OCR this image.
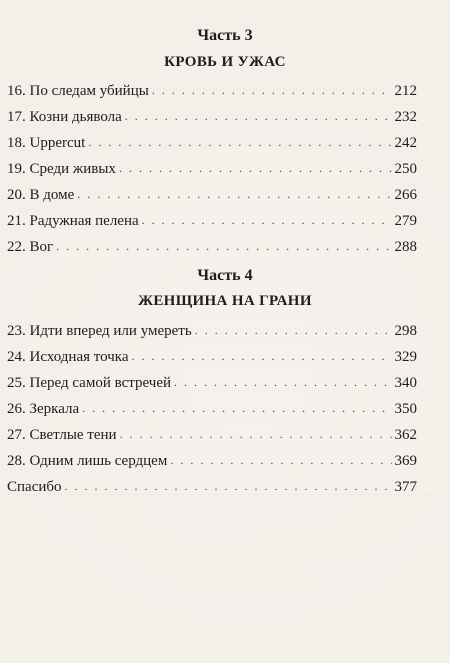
Часть 3
КРОВЬ И УЖАС
16. По следам убийцы . . .	212
17. Козни дьявола . . .	232
18. Uppercut . . .	242
19. Среди живых . . .	250
20. В доме . . .	266
21. Радужная пелена . . .	279
22. Вог . . .	288
Часть 4
ЖЕНЩИНА НА ГРАНИ
23. Идти вперед или умереть . . .	298
24. Исходная точка . . .	329
25. Перед самой встречей . . .	340
26. Зеркала . . .	350
27. Светлые тени . . .	362
28. Одним лишь сердцем . . .	369
Спасибо . . .	377
